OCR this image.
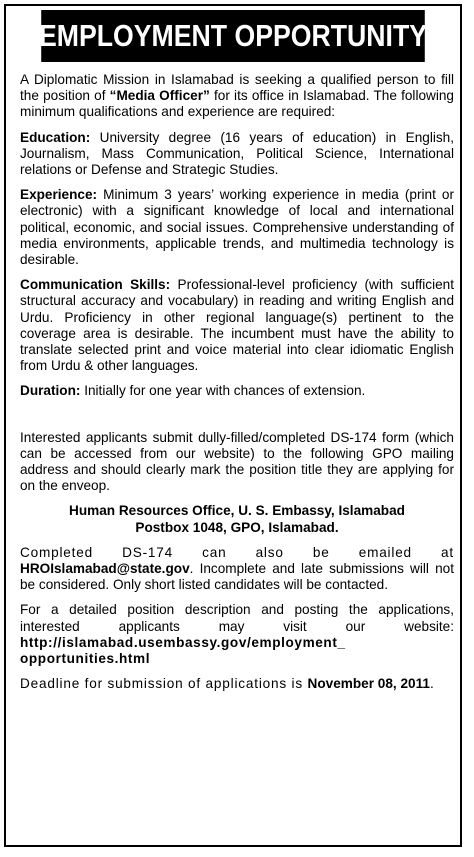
EMPLOYMENT OPPORTUNITY

A Diplomatic Mission in Islamabad is seeking a qualified person to fill the position of “Media Officer” for its office in Islamabad. The following minimum qualifications and experience are required:

Education: University degree (16 years of education) in English, Journalism, Mass Communication, Political Science, International relations or Defense and Strategic Studies.

Experience: Minimum 3 years’ working experience in media (print or electronic) with a significant knowledge of local and international political, economic, and social issues. Comprehensive understanding of media environments, applicable trends, and multimedia technology is desirable.

Communication Skills: Professional-level proficiency (with sufficient structural accuracy and vocabulary) in reading and writing English and Urdu. Proficiency in other regional language(s) pertinent to the coverage area is desirable. The incumbent must have the ability to translate selected print and voice material into clear idiomatic English from Urdu & other languages.

Duration: Initially for one year with chances of extension.

Interested applicants submit dully-filled/completed DS-174 form (which can be accessed from our website) to the following GPO mailing address and should clearly mark the position title they are applying for on the enveop.

Human Resources Office, U. S. Embassy, Islamabad
Postbox 1048, GPO, Islamabad.

Completed DS-174 can also be emailed at HROIslamabad@state.gov. Incomplete and late submissions will not be considered. Only short listed candidates will be contacted.

For a detailed position description and posting the applications, interested applicants may visit our website: http://islamabad.usembassy.gov/employment_ opportunities.html

Deadline for submission of applications is November 08, 2011.
